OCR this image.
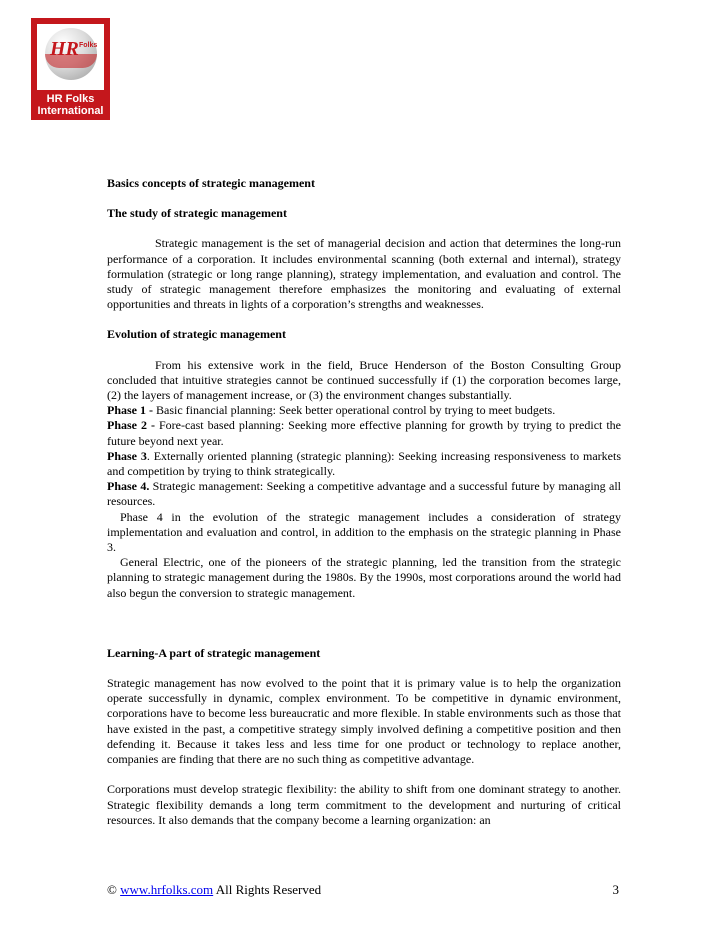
HR Folks
HR Folks
International

Basics concepts of strategic management

The study of strategic management

Strategic management is the set of managerial decision and action that determines the long-run performance of a corporation. It includes environmental scanning (both external and internal), strategy formulation (strategic or long range planning), strategy implementation, and evaluation and control. The study of strategic management therefore emphasizes the monitoring and evaluating of external opportunities and threats in lights of a corporation’s strengths and weaknesses.

Evolution of strategic management

From his extensive work in the field, Bruce Henderson of the Boston Consulting Group concluded that intuitive strategies cannot be continued successfully if (1) the corporation becomes large, (2) the layers of management increase, or (3) the environment changes substantially.

Phase 1 - Basic financial planning: Seek better operational control by trying to meet budgets.

Phase 2 - Fore-cast based planning: Seeking more effective planning for growth by trying to predict the future beyond next year.

Phase 3. Externally oriented planning (strategic planning): Seeking increasing responsiveness to markets and competition by trying to think strategically.

Phase 4. Strategic management: Seeking a competitive advantage and a successful future by managing all resources.

Phase 4 in the evolution of the strategic management includes a consideration of strategy implementation and evaluation and control, in addition to the emphasis on the strategic planning in Phase 3.

General Electric, one of the pioneers of the strategic planning, led the transition from the strategic planning to strategic management during the 1980s. By the 1990s, most corporations around the world had also begun the conversion to strategic management.

Learning-A part of strategic management

Strategic management has now evolved to the point that it is primary value is to help the organization operate successfully in dynamic, complex environment. To be competitive in dynamic environment, corporations have to become less bureaucratic and more flexible. In stable environments such as those that have existed in the past, a competitive strategy simply involved defining a competitive position and then defending it. Because it takes less and less time for one product or technology to replace another, companies are finding that there are no such thing as competitive advantage.

Corporations must develop strategic flexibility: the ability to shift from one dominant strategy to another. Strategic flexibility demands a long term commitment to the development and nurturing of critical resources. It also demands that the company become a learning organization: an

© www.hrfolks.com All Rights Reserved	3
